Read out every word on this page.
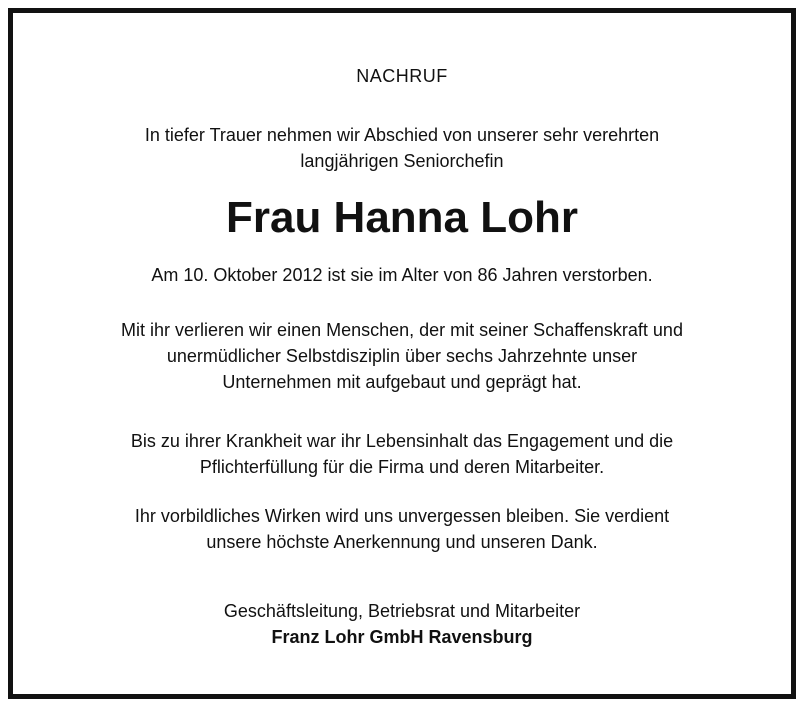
NACHRUF
In tiefer Trauer nehmen wir Abschied von unserer sehr verehrten
langjährigen Seniorchefin
Frau Hanna Lohr
Am 10. Oktober 2012 ist sie im Alter von 86 Jahren verstorben.
Mit ihr verlieren wir einen Menschen, der mit seiner Schaffenskraft und
unermüdlicher Selbstdisziplin über sechs Jahrzehnte unser
Unternehmen mit aufgebaut und geprägt hat.
Bis zu ihrer Krankheit war ihr Lebensinhalt das Engagement und die
Pflichterfüllung für die Firma und deren Mitarbeiter.
Ihr vorbildliches Wirken wird uns unvergessen bleiben. Sie verdient
unsere höchste Anerkennung und unseren Dank.
Geschäftsleitung, Betriebsrat und Mitarbeiter
Franz Lohr GmbH Ravensburg
